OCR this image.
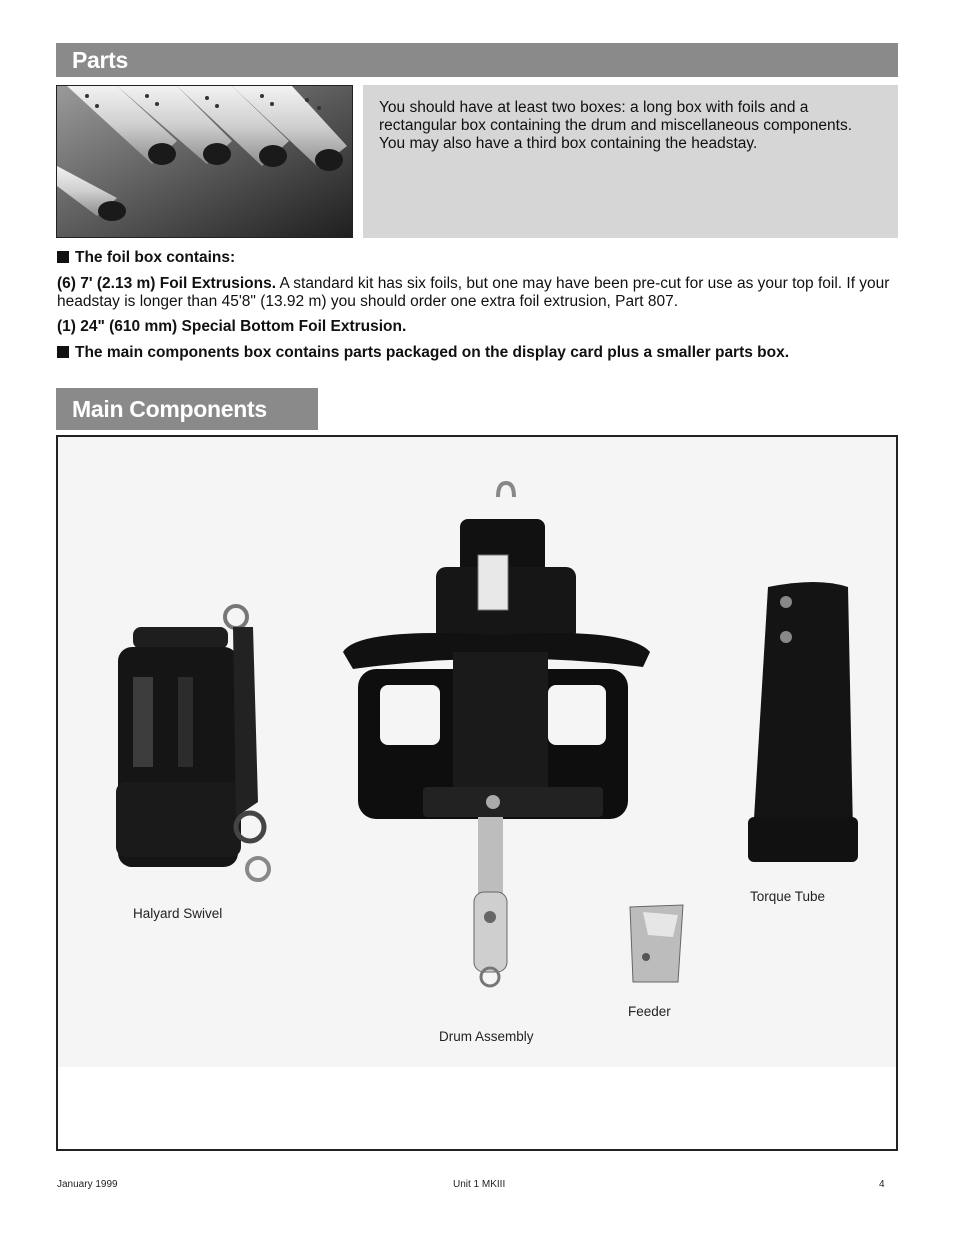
Parts
You should have at least two boxes: a long box with foils and a rectangular box containing the drum and miscellaneous components. You may also have a third box containing the headstay.
The foil box contains:
(6) 7' (2.13 m) Foil Extrusions. A standard kit has six foils, but one may have been pre-cut for use as your top foil. If your headstay is longer than 45'8" (13.92 m) you should order one extra foil extrusion, Part 807.
(1) 24" (610 mm) Special Bottom Foil Extrusion.
The main components box contains parts packaged on the display card plus a smaller parts box.
Main Components
Halyard Swivel
Drum Assembly
Feeder
Torque Tube
January 1999	Unit 1 MKIII	4
